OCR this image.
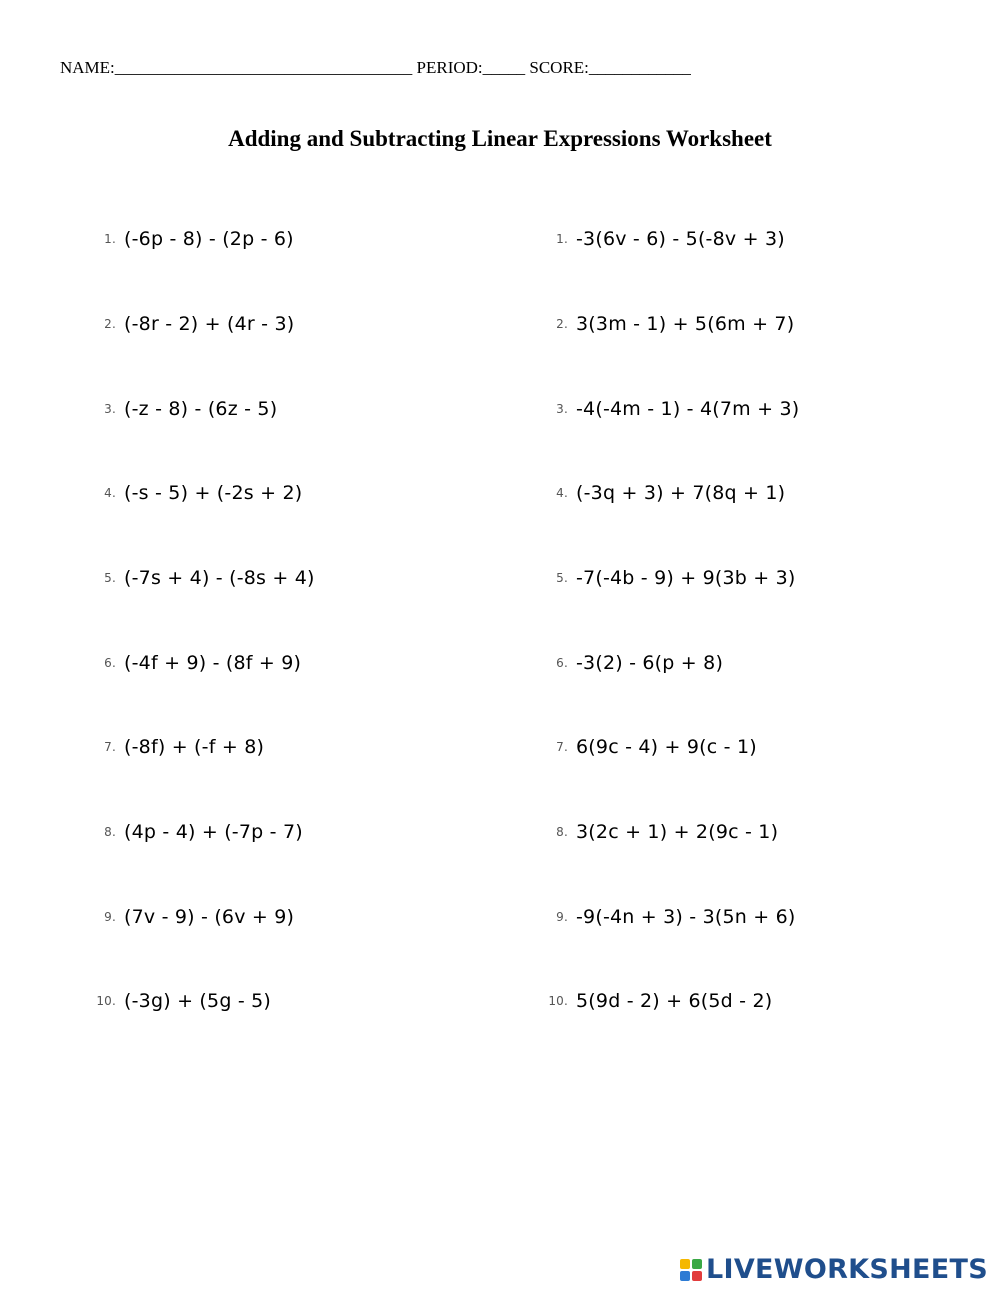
NAME:___________________________________ PERIOD:_____ SCORE:____________
Adding and Subtracting Linear Expressions Worksheet
1. (-6p - 8) - (2p - 6)
2. (-8r - 2) + (4r - 3)
3. (-z - 8) - (6z - 5)
4. (-s - 5) + (-2s + 2)
5. (-7s + 4) - (-8s + 4)
6. (-4f + 9) - (8f + 9)
7. (-8f) + (-f + 8)
8. (4p - 4) + (-7p - 7)
9. (7v - 9) - (6v + 9)
10. (-3g) + (5g - 5)
1. -3(6v - 6) - 5(-8v + 3)
2. 3(3m - 1) + 5(6m + 7)
3. -4(-4m - 1) - 4(7m + 3)
4. (-3q + 3) + 7(8q + 1)
5. -7(-4b - 9) + 9(3b + 3)
6. -3(2) - 6(p + 8)
7. 6(9c - 4) + 9(c - 1)
8. 3(2c + 1) + 2(9c - 1)
9. -9(-4n + 3) - 3(5n + 6)
10. 5(9d - 2) + 6(5d - 2)
LIVEWORKSHEETS
